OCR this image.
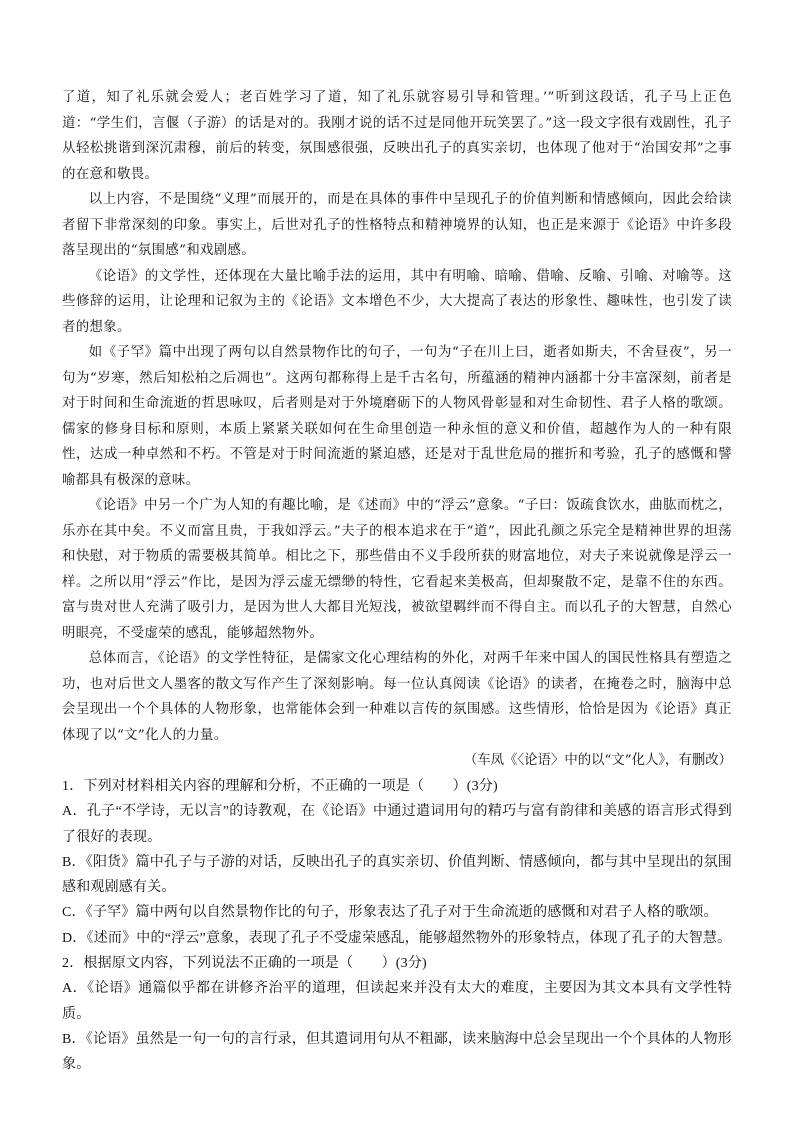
了道，知了礼乐就会爱人；老百姓学习了道，知了礼乐就容易引导和管理。’”听到这段话，孔子马上正色道：“学生们，言偃（子游）的话是对的。我刚才说的话不过是同他开玩笑罢了。”这一段文字很有戏剧性，孔子从轻松挑谐到深沉肃穆，前后的转变，氛围感很强，反映出孔子的真实亲切，也体现了他对于“治国安邦”之事的在意和敬畏。

以上内容，不是围绕“义理”而展开的，而是在具体的事件中呈现孔子的价值判断和情感倾向，因此会给读者留下非常深刻的印象。事实上，后世对孔子的性格特点和精神境界的认知，也正是来源于《论语》中许多段落呈现出的“氛围感”和戏剧感。

《论语》的文学性，还体现在大量比喻手法的运用，其中有明喻、暗喻、借喻、反喻、引喻、对喻等。这些修辞的运用，让论理和记叙为主的《论语》文本增色不少，大大提高了表达的形象性、趣味性，也引发了读者的想象。

如《子罕》篇中出现了两句以自然景物作比的句子，一句为“子在川上曰，逝者如斯夫，不舍昼夜”，另一句为“岁寒，然后知松柏之后凋也”。这两句都称得上是千古名句，所蕴涵的精神内涵都十分丰富深刻，前者是对于时间和生命流逝的哲思咏叹，后者则是对于外境磨砺下的人物风骨彰显和对生命韧性、君子人格的歌颂。儒家的修身目标和原则，本质上紧紧关联如何在生命里创造一种永恒的意义和价值，超越作为人的一种有限性，达成一种卓然和不朽。不管是对于时间流逝的紧迫感，还是对于乱世危局的摧折和考验，孔子的感慨和譬喻都具有极深的意味。

《论语》中另一个广为人知的有趣比喻，是《述而》中的“浮云”意象。“子曰：饭疏食饮水，曲肱而枕之，乐亦在其中矣。不义而富且贵，于我如浮云。”夫子的根本追求在于“道”，因此孔颜之乐完全是精神世界的坦荡和快慰，对于物质的需要极其简单。相比之下，那些借由不义手段所获的财富地位，对夫子来说就像是浮云一样。之所以用“浮云”作比，是因为浮云虚无缥缈的特性，它看起来美极高，但却聚散不定，是靠不住的东西。富与贵对世人充满了吸引力，是因为世人大都目光短浅，被欲望羁绊而不得自主。而以孔子的大智慧，自然心明眼亮，不受虚荣的感乱，能够超然物外。

总体而言，《论语》的文学性特征，是儒家文化心理结构的外化，对两千年来中国人的国民性格具有塑造之功，也对后世文人墨客的散文写作产生了深刻影响。每一位认真阅读《论语》的读者，在掩卷之时，脑海中总会呈现出一个个具体的人物形象，也常能体会到一种难以言传的氛围感。这些情形，恰恰是因为《论语》真正体现了以“文”化人的力量。

（车凤《〈论语〉中的以“文”化人》，有删改）

1．下列对材料相关内容的理解和分析，不正确的一项是（　　）(3分)

A．孔子“不学诗，无以言”的诗教观，在《论语》中通过遣词用句的精巧与富有韵律和美感的语言形式得到了很好的表现。

B．《阳货》篇中孔子与子游的对话，反映出孔子的真实亲切、价值判断、情感倾向，都与其中呈现出的氛围感和观剧感有关。

C．《子罕》篇中两句以自然景物作比的句子，形象表达了孔子对于生命流逝的感慨和对君子人格的歌颂。

D．《述而》中的“浮云”意象，表现了孔子不受虚荣感乱，能够超然物外的形象特点，体现了孔子的大智慧。

2．根据原文内容，下列说法不正确的一项是（　　）(3分)

A．《论语》通篇似乎都在讲修齐治平的道理，但读起来并没有太大的难度，主要因为其文本具有文学性特质。

B．《论语》虽然是一句一句的言行录，但其遣词用句从不粗鄙，读来脑海中总会呈现出一个个具体的人物形象。
